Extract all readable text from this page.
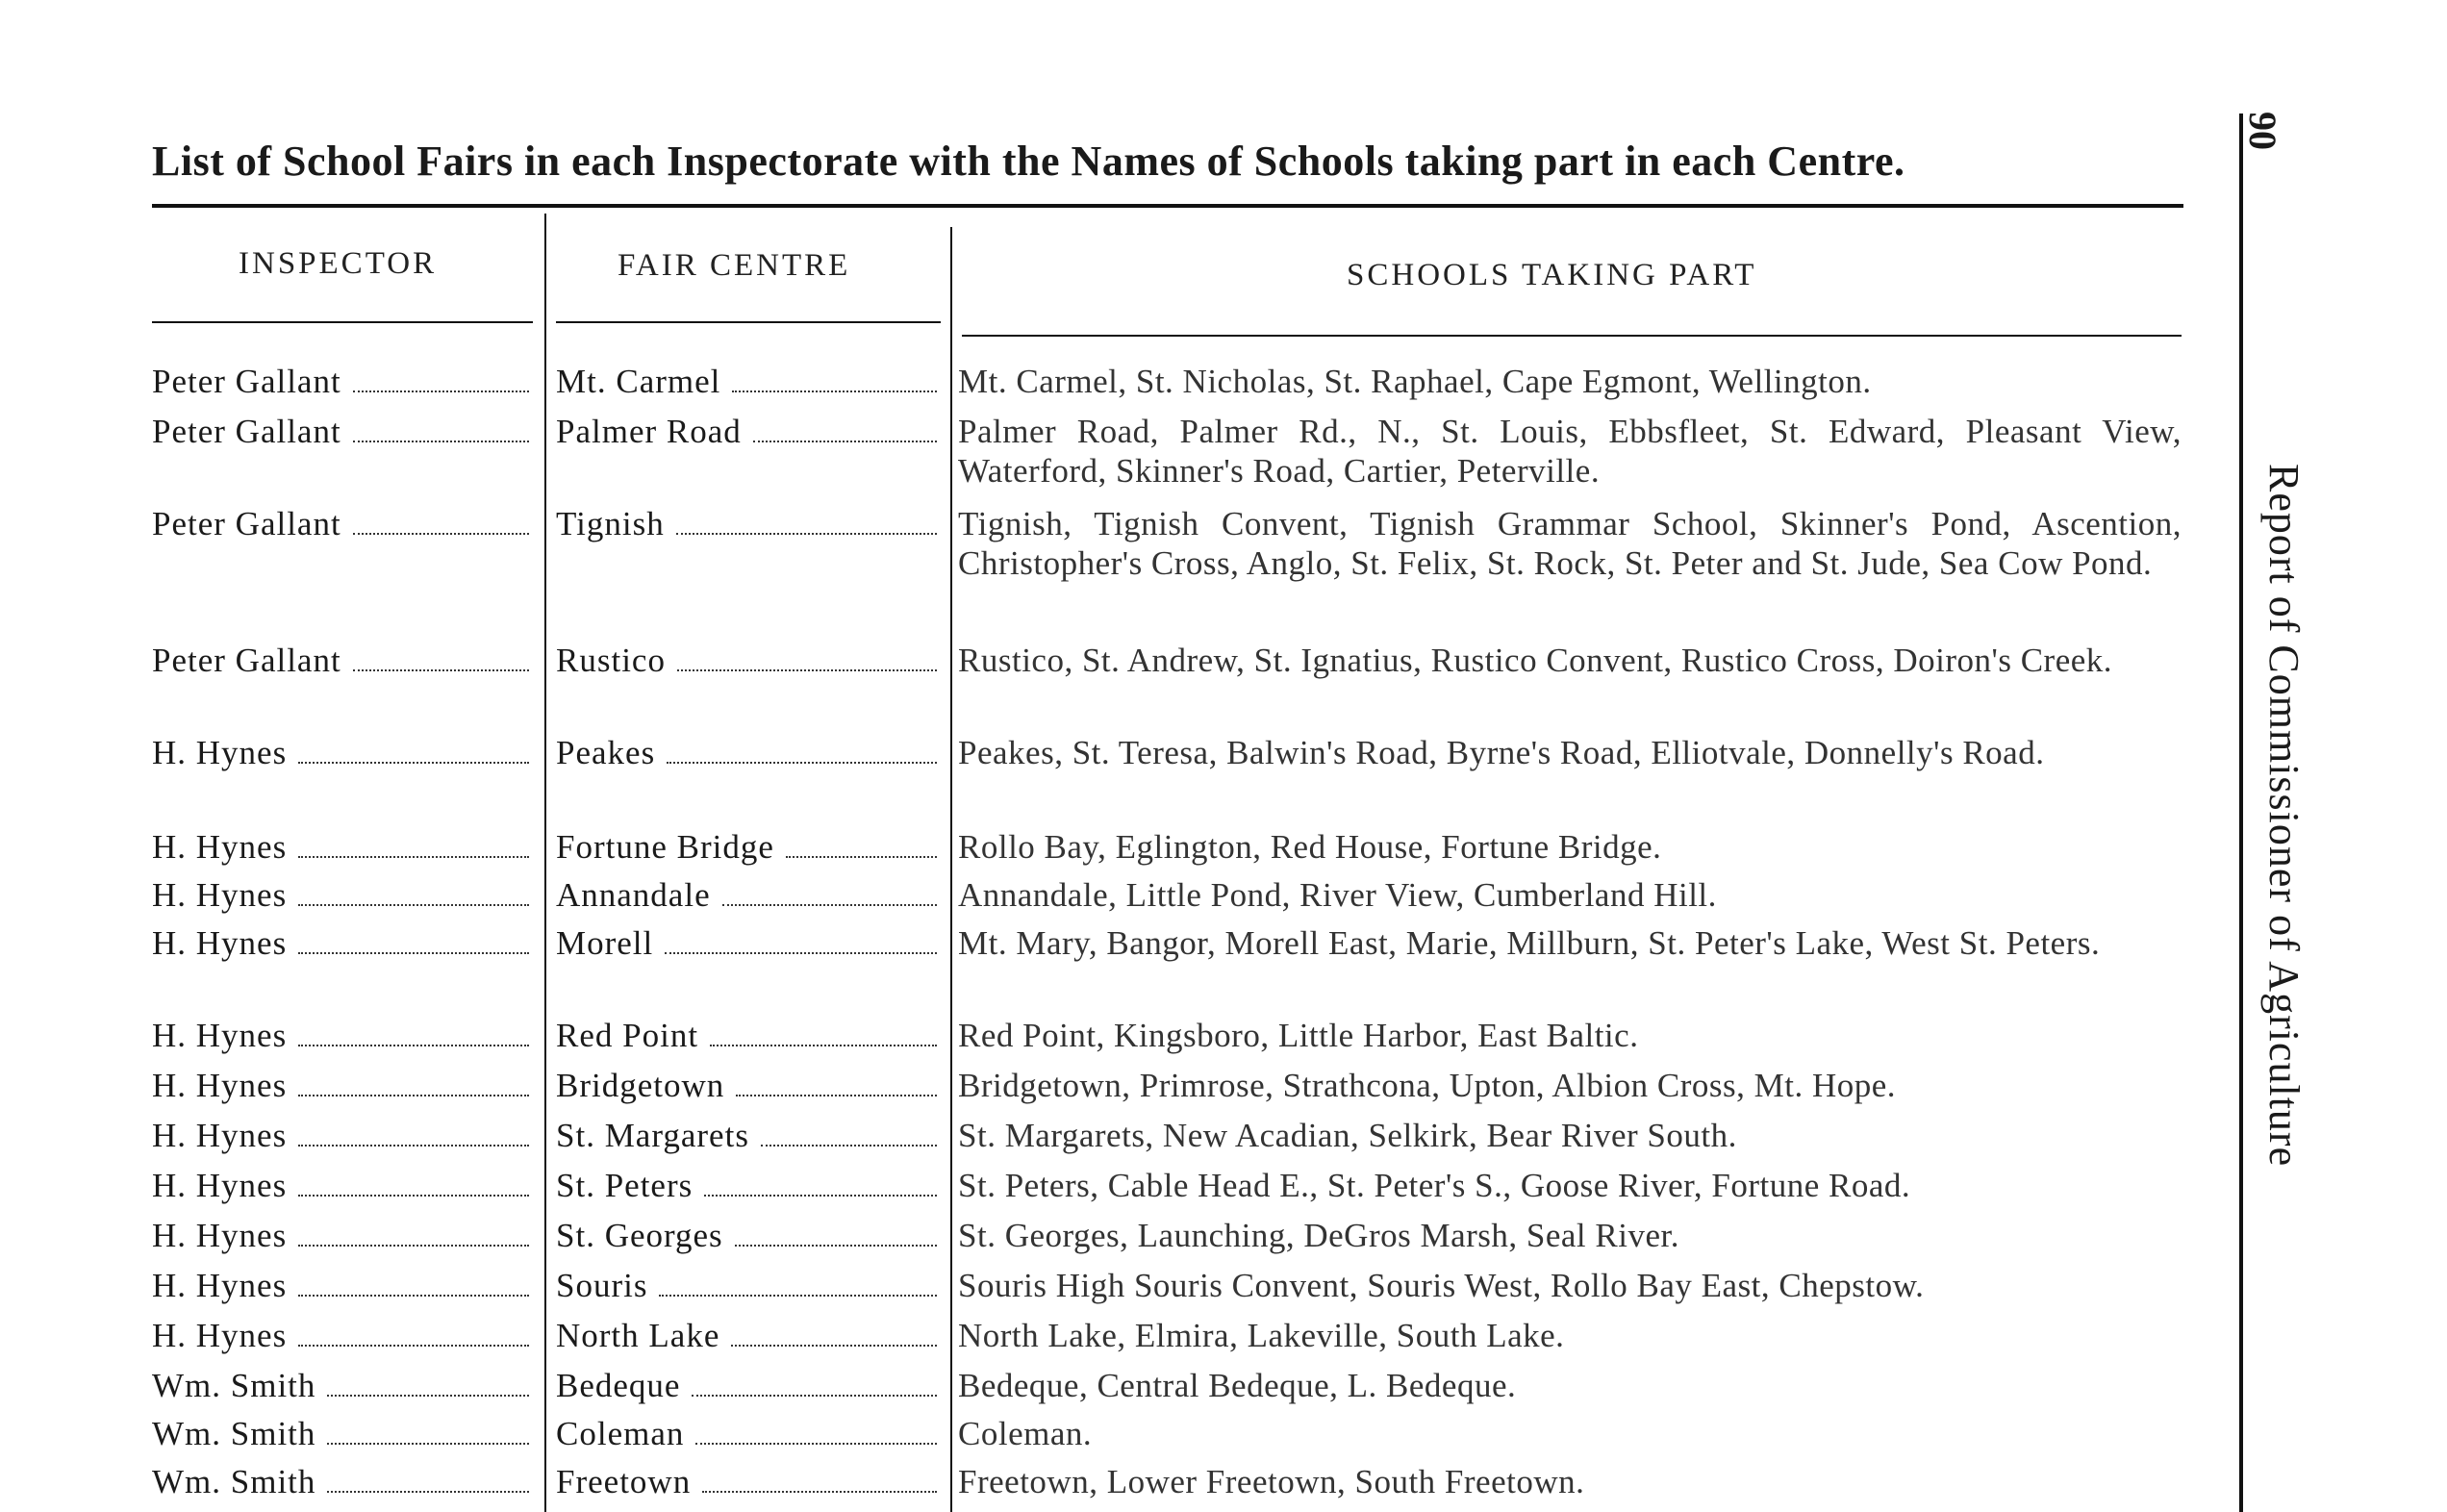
List of School Fairs in each Inspectorate with the Names of Schools taking part in each Centre.
INSPECTOR	FAIR CENTRE	SCHOOLS TAKING PART
Peter Gallant	Mt. Carmel	Mt. Carmel, St. Nicholas, St. Raphael, Cape Egmont, Wellington.
Peter Gallant	Palmer Road	Palmer Road, Palmer Rd., N., St. Louis, Ebbsfleet, St. Edward, Pleasant View, Waterford, Skinner's Road, Cartier, Peterville.
Peter Gallant	Tignish	Tignish, Tignish Convent, Tignish Grammar School, Skinner's Pond, Ascention, Christopher's Cross, Anglo, St. Felix, St. Rock, St. Peter and St. Jude, Sea Cow Pond.
Peter Gallant	Rustico	Rustico, St. Andrew, St. Ignatius, Rustico Convent, Rustico Cross, Doiron's Creek.
H. Hynes	Peakes	Peakes, St. Teresa, Balwin's Road, Byrne's Road, Elliotvale, Donnelly's Road.
H. Hynes	Fortune Bridge	Rollo Bay, Eglington, Red House, Fortune Bridge.
H. Hynes	Annandale	Annandale, Little Pond, River View, Cumberland Hill.
H. Hynes	Morell	Mt. Mary, Bangor, Morell East, Marie, Millburn, St. Peter's Lake, West St. Peters.
H. Hynes	Red Point	Red Point, Kingsboro, Little Harbor, East Baltic.
H. Hynes	Bridgetown	Bridgetown, Primrose, Strathcona, Upton, Albion Cross, Mt. Hope.
H. Hynes	St. Margarets	St. Margarets, New Acadian, Selkirk, Bear River South.
H. Hynes	St. Peters	St. Peters, Cable Head E., St. Peter's S., Goose River, Fortune Road.
H. Hynes	St. Georges	St. Georges, Launching, DeGros Marsh, Seal River.
H. Hynes	Souris	Souris High Souris Convent, Souris West, Rollo Bay East, Chepstow.
H. Hynes	North Lake	North Lake, Elmira, Lakeville, South Lake.
Wm. Smith	Bedeque	Bedeque, Central Bedeque, L. Bedeque.
Wm. Smith	Coleman	Coleman.
Wm. Smith	Freetown	Freetown, Lower Freetown, South Freetown.
90
Report of Commissioner of Agriculture
